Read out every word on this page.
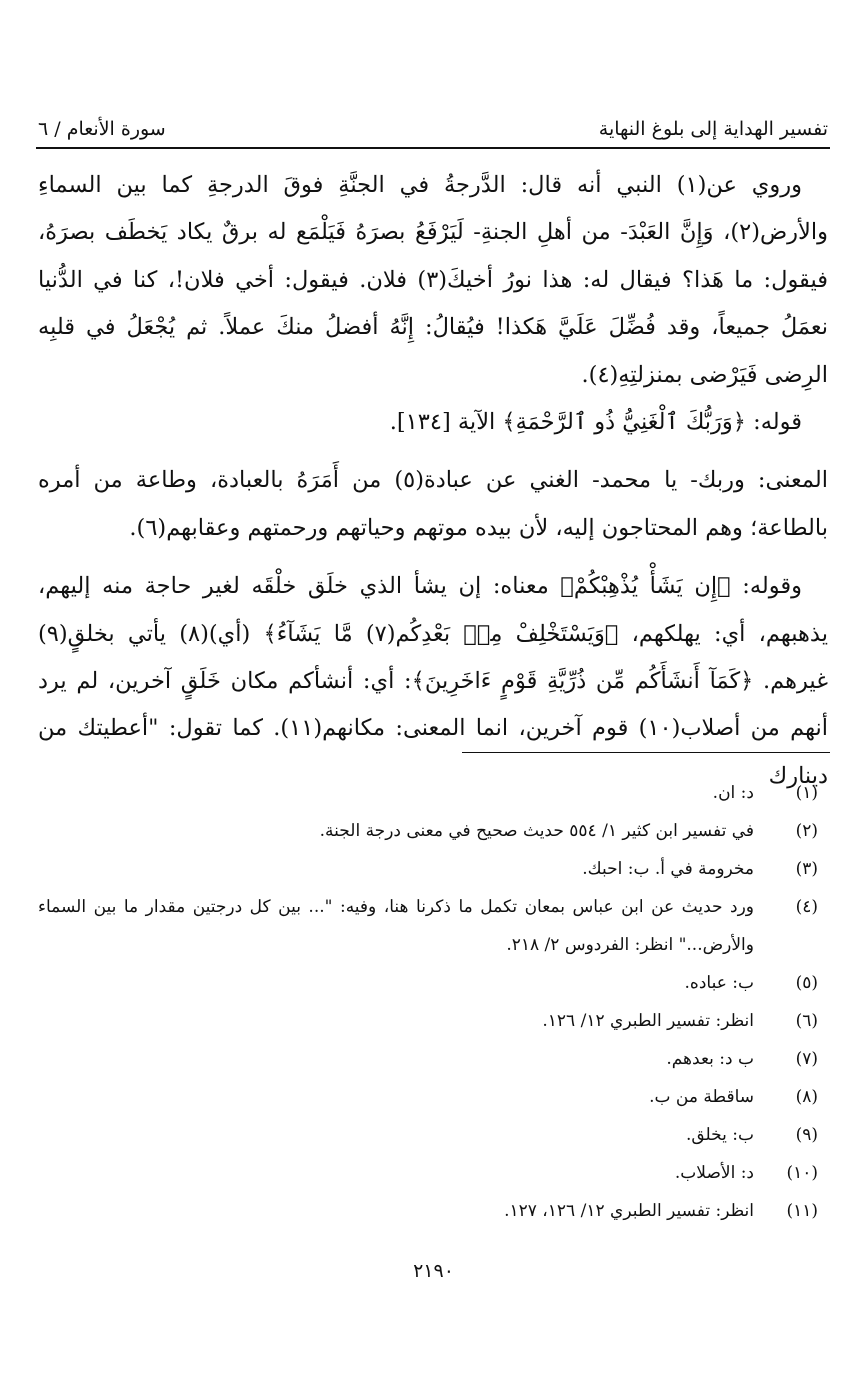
تفسير الهداية إلى بلوغ النهاية
سورة الأنعام / ٦

وروي عن(١) النبي أنه قال: الدَّرجةُ في الجنَّةِ فوقَ الدرجةِ كما بين السماءِ والأرض(٢)، وَإِنَّ العَبْدَ- من أهلِ الجنةِ- لَيَرْفَعُ بصرَهُ فَيَلْمَع له برقٌ يكاد يَخطَف بصرَهُ، فيقول: ما هَذا؟ فيقال له: هذا نورُ أخيكَ(٣) فلان. فيقول: أخي فلان!، كنا في الدُّنيا نعمَلُ جميعاً، وقد فُضِّلَ عَلَيَّ هَكذا! فيُقالُ: إِنَّهُ أفضلُ منكَ عملاً. ثم يُجْعَلُ في قلبِه الرِضى فَيَرْضى بمنزلتِهِ(٤).

قوله: ﴿وَرَبُّكَ ٱلْغَنِيُّ ذُو ٱلرَّحْمَةِ﴾ الآية [١٣٤].

المعنى: وربك- يا محمد- الغني عن عبادة(٥) من أَمَرَهُ بالعبادة، وطاعة من أمره بالطاعة؛ وهم المحتاجون إليه، لأن بيده موتهم وحياتهم ورحمتهم وعقابهم(٦).

وقوله: ﴿إِن يَشَأْ يُذْهِبْكُمْ﴾ معناه: إن يشأ الذي خلَق خلْقَه لغير حاجة منه إليهم، يذهبهم، أي: يهلكهم، ﴿وَيَسْتَخْلِفْ مِنۢ بَعْدِكُم(٧) مَّا يَشَآءُ﴾ (أي)(٨) يأتي بخلقٍ(٩) غيرهم. ﴿كَمَآ أَنشَأَكُم مِّن ذُرِّيَّةِ قَوْمٍ ءَاخَرِينَ﴾: أي: أنشأكم مكان خَلَقٍ آخرين، لم يرد أنهم من أصلاب(١٠) قوم آخرين، انما المعنى: مكانهم(١١). كما تقول: "أعطيتك من دينارك

(١)
د: ان.
(٢)
في تفسير ابن كثير ١/ ٥٥٤ حديث صحيح في معنى درجة الجنة.
(٣)
مخرومة في أ. ب: احبك.
(٤)
ورد حديث عن ابن عباس بمعان تكمل ما ذكرنا هنا، وفيه: "... بين كل درجتين مقدار ما بين السماء والأرض..." انظر: الفردوس ٢/ ٢١٨.
(٥)
ب: عباده.
(٦)
انظر: تفسير الطبري ١٢/ ١٢٦.
(٧)
ب د: بعدهم.
(٨)
ساقطة من ب.
(٩)
ب: يخلق.
(١٠)
د: الأصلاب.
(١١)
انظر: تفسير الطبري ١٢/ ١٢٦، ١٢٧.
٢١٩٠
